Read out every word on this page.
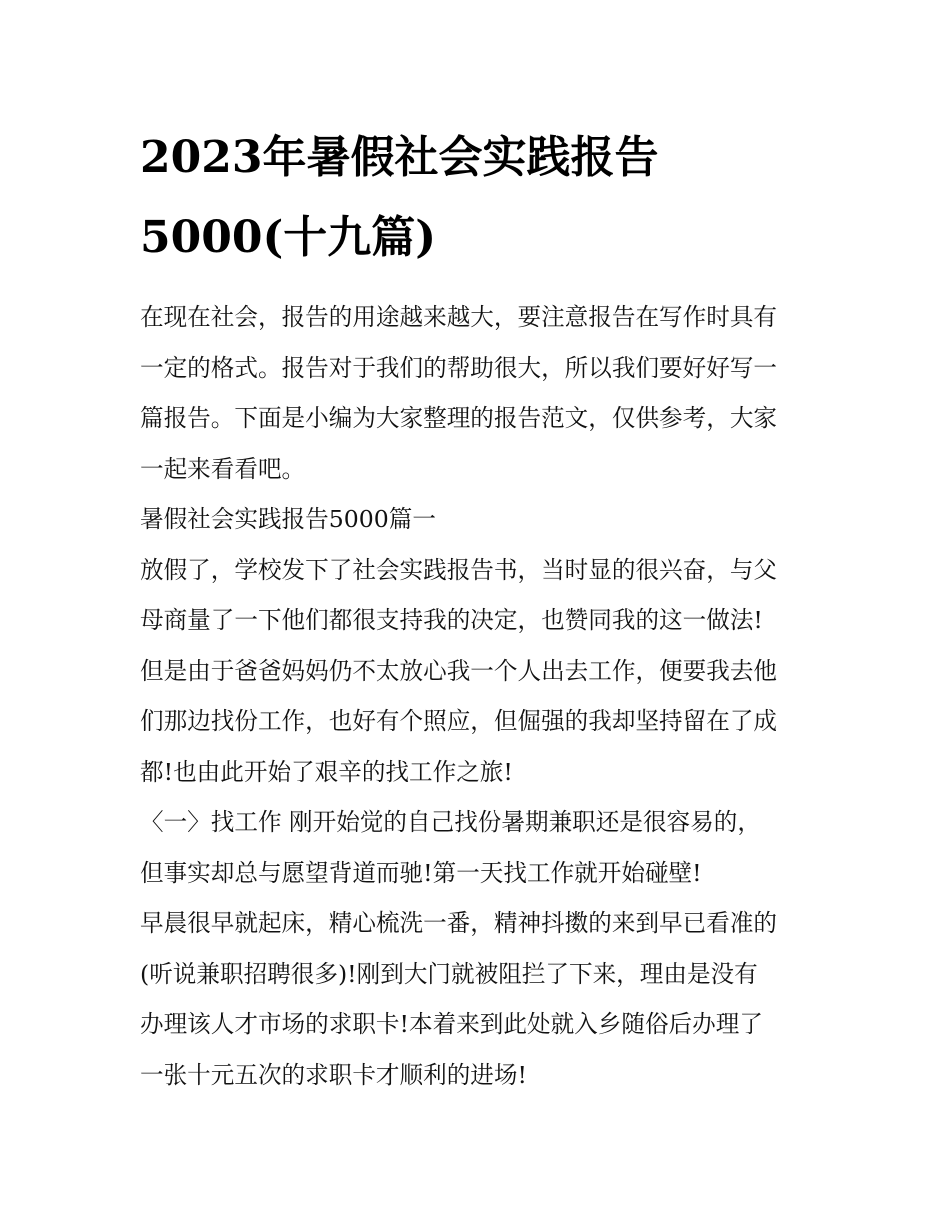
2023年暑假社会实践报告
5000(十九篇)
在现在社会，报告的用途越来越大，要注意报告在写作时具有
一定的格式。报告对于我们的帮助很大，所以我们要好好写一
篇报告。下面是小编为大家整理的报告范文，仅供参考，大家
一起来看看吧。
暑假社会实践报告5000篇一
放假了，学校发下了社会实践报告书，当时显的很兴奋，与父
母商量了一下他们都很支持我的决定，也赞同我的这一做法!
但是由于爸爸妈妈仍不太放心我一个人出去工作，便要我去他
们那边找份工作，也好有个照应，但倔强的我却坚持留在了成
都!也由此开始了艰辛的找工作之旅!
〈一〉找工作 刚开始觉的自己找份暑期兼职还是很容易的，
但事实却总与愿望背道而驰!第一天找工作就开始碰壁!
早晨很早就起床，精心梳洗一番，精神抖擞的来到早已看准的
(听说兼职招聘很多)!刚到大门就被阻拦了下来，理由是没有
办理该人才市场的求职卡!本着来到此处就入乡随俗后办理了
一张十元五次的求职卡才顺利的进场!
